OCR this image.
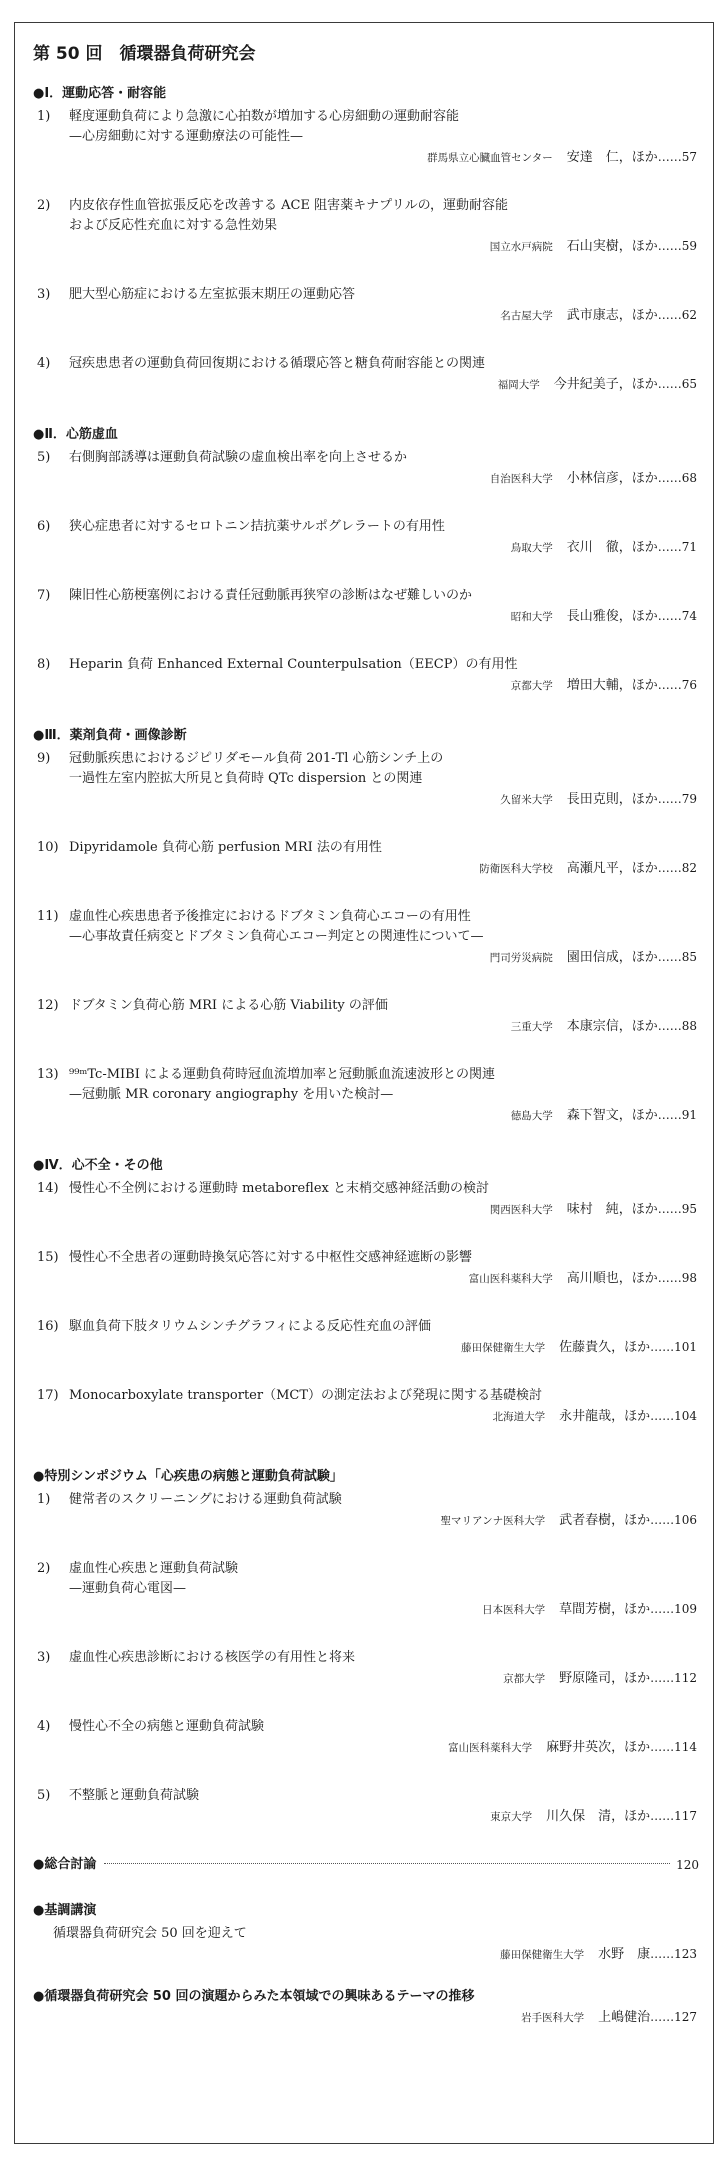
第 50 回　循環器負荷研究会
●Ⅰ．運動応答・耐容能
1) 軽度運動負荷により急激に心拍数が増加する心房細動の運動耐容能
—心房細動に対する運動療法の可能性—
群馬県立心臓血管センター 安達　仁，ほか……57
2) 内皮依存性血管拡張反応を改善する ACE 阻害薬キナプリルの，運動耐容能
および反応性充血に対する急性効果
国立水戸病院 石山実樹，ほか……59
3) 肥大型心筋症における左室拡張末期圧の運動応答
名古屋大学 武市康志，ほか……62
4) 冠疾患患者の運動負荷回復期における循環応答と糖負荷耐容能との関連
福岡大学 今井紀美子，ほか……65
●Ⅱ．心筋虚血
5) 右側胸部誘導は運動負荷試験の虚血検出率を向上させるか
自治医科大学 小林信彦，ほか……68
6) 狭心症患者に対するセロトニン拮抗薬サルポグレラートの有用性
鳥取大学 衣川　徹，ほか……71
7) 陳旧性心筋梗塞例における責任冠動脈再狭窄の診断はなぜ難しいのか
昭和大学 長山雅俊，ほか……74
8) Heparin 負荷 Enhanced External Counterpulsation（EECP）の有用性
京都大学 増田大輔，ほか……76
●Ⅲ．薬剤負荷・画像診断
9) 冠動脈疾患におけるジピリダモール負荷 201-Tl 心筋シンチ上の
一過性左室内腔拡大所見と負荷時 QTc dispersion との関連
久留米大学 長田克則，ほか……79
10) Dipyridamole 負荷心筋 perfusion MRI 法の有用性
防衛医科大学校 高瀬凡平，ほか……82
11) 虚血性心疾患患者予後推定におけるドブタミン負荷心エコーの有用性
—心事故責任病変とドブタミン負荷心エコー判定との関連性について—
門司労災病院 園田信成，ほか……85
12) ドブタミン負荷心筋 MRI による心筋 Viability の評価
三重大学 本康宗信，ほか……88
13) ⁹⁹ᵐTc-MIBI による運動負荷時冠血流増加率と冠動脈血流速波形との関連
—冠動脈 MR coronary angiography を用いた検討—
徳島大学 森下智文，ほか……91
●Ⅳ．心不全・その他
14) 慢性心不全例における運動時 metaboreflex と末梢交感神経活動の検討
関西医科大学 味村　純，ほか……95
15) 慢性心不全患者の運動時換気応答に対する中枢性交感神経遮断の影響
富山医科薬科大学 高川順也，ほか……98
16) 駆血負荷下肢タリウムシンチグラフィによる反応性充血の評価
藤田保健衛生大学 佐藤貴久，ほか……101
17) Monocarboxylate transporter（MCT）の測定法および発現に関する基礎検討
北海道大学 永井龍哉，ほか……104
●特別シンポジウム「心疾患の病態と運動負荷試験」
1) 健常者のスクリーニングにおける運動負荷試験
聖マリアンナ医科大学 武者春樹，ほか……106
2) 虚血性心疾患と運動負荷試験
—運動負荷心電図—
日本医科大学 草間芳樹，ほか……109
3) 虚血性心疾患診断における核医学の有用性と将来
京都大学 野原隆司，ほか……112
4) 慢性心不全の病態と運動負荷試験
富山医科薬科大学 麻野井英次，ほか……114
5) 不整脈と運動負荷試験
東京大学 川久保　清，ほか……117
●総合討論	120
●基調講演
循環器負荷研究会 50 回を迎えて
藤田保健衛生大学 水野　康……123
●循環器負荷研究会 50 回の演題からみた本領域での興味あるテーマの推移
岩手医科大学 上嶋健治……127
